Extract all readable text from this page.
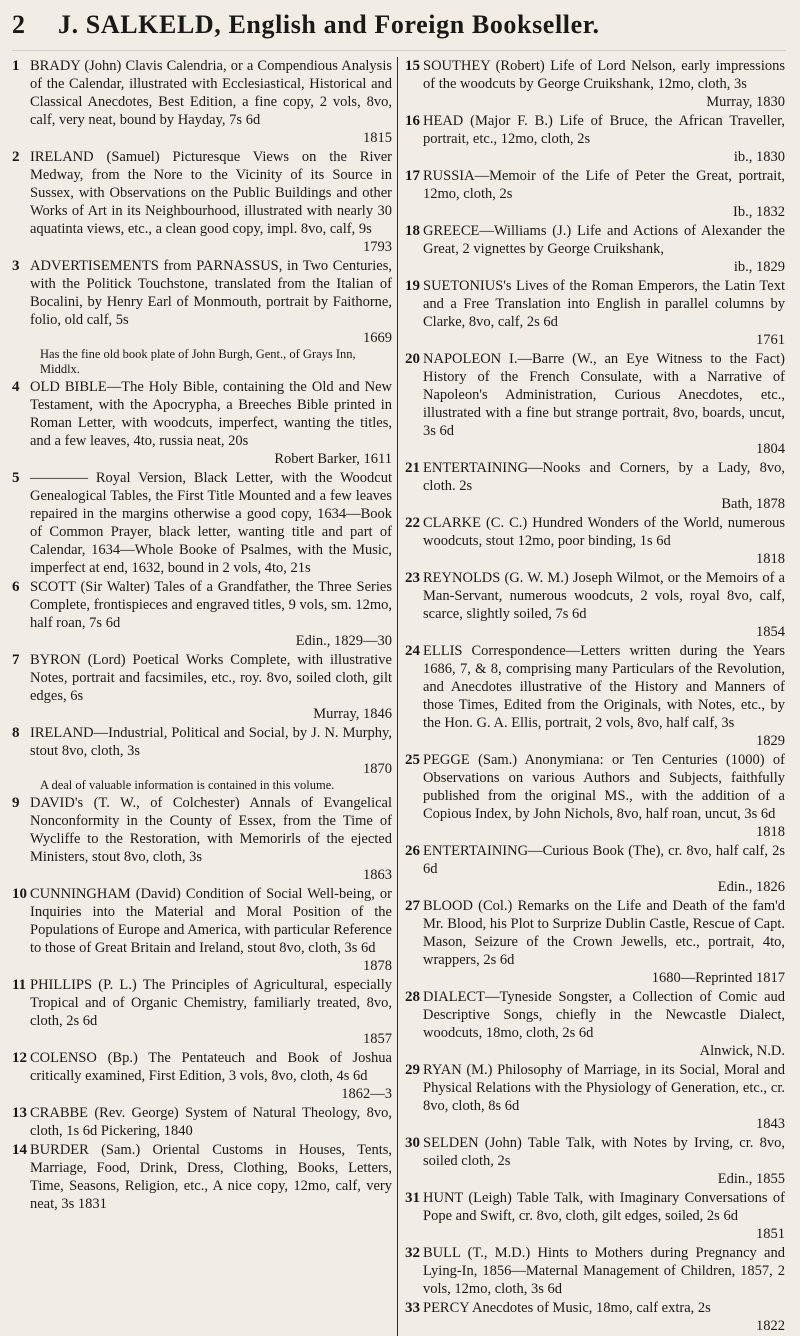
2	J. SALKELD, English and Foreign Bookseller.
1 BRADY (John) Clavis Calendria, or a Compendious Analysis of the Calendar, illustrated with Ecclesiastical, Historical and Classical Anecdotes, Best Edition, a fine copy, 2 vols, 8vo, calf, very neat, bound by Hayday, 7s 6d
1815
2 IRELAND (Samuel) Picturesque Views on the River Medway, from the Nore to the Vicinity of its Source in Sussex, with Observations on the Public Buildings and other Works of Art in its Neighbourhood, illustrated with nearly 30 aquatinta views, etc., a clean good copy, impl. 8vo, calf, 9s
1793
3 ADVERTISEMENTS from PARNASSUS, in Two Centuries, with the Politick Touchstone, translated from the Italian of Bocalini, by Henry Earl of Monmouth, portrait by Faithorne, folio, old calf, 5s
1669
Has the fine old book plate of John Burgh, Gent., of Grays Inn, Middlx.
4 OLD BIBLE—The Holy Bible, containing the Old and New Testament, with the Apocrypha, a Breeches Bible printed in Roman Letter, with woodcuts, imperfect, wanting the titles, and a few leaves, 4to, russia neat, 20s
Robert Barker, 1611
5 ———— Royal Version, Black Letter, with the Woodcut Genealogical Tables, the First Title Mounted and a few leaves repaired in the margins otherwise a good copy, 1634—Book of Common Prayer, black letter, wanting title and part of Calendar, 1634—Whole Booke of Psalmes, with the Music, imperfect at end, 1632, bound in 2 vols, 4to, 21s
6 SCOTT (Sir Walter) Tales of a Grandfather, the Three Series Complete, frontispieces and engraved titles, 9 vols, sm. 12mo, half roan, 7s 6d
Edin., 1829—30
7 BYRON (Lord) Poetical Works Complete, with illustrative Notes, portrait and facsimiles, etc., roy. 8vo, soiled cloth, gilt edges, 6s
Murray, 1846
8 IRELAND—Industrial, Political and Social, by J. N. Murphy, stout 8vo, cloth, 3s
1870
A deal of valuable information is contained in this volume.
9 DAVID's (T. W., of Colchester) Annals of Evangelical Nonconformity in the County of Essex, from the Time of Wycliffe to the Restoration, with Memorirls of the ejected Ministers, stout 8vo, cloth, 3s
1863
10 CUNNINGHAM (David) Condition of Social Well-being, or Inquiries into the Material and Moral Position of the Populations of Europe and America, with particular Reference to those of Great Britain and Ireland, stout 8vo, cloth, 3s 6d
1878
11 PHILLIPS (P. L.) The Principles of Agricultural, especially Tropical and of Organic Chemistry, familiarly treated, 8vo, cloth, 2s 6d
1857
12 COLENSO (Bp.) The Pentateuch and Book of Joshua critically examined, First Edition, 3 vols, 8vo, cloth, 4s 6d
1862—3
13 CRABBE (Rev. George) System of Natural Theology, 8vo, cloth, 1s 6d Pickering, 1840
14 BURDER (Sam.) Oriental Customs in Houses, Tents, Marriage, Food, Drink, Dress, Clothing, Books, Letters, Time, Seasons, Religion, etc., A nice copy, 12mo, calf, very neat, 3s 1831
15 SOUTHEY (Robert) Life of Lord Nelson, early impressions of the woodcuts by George Cruikshank, 12mo, cloth, 3s
Murray, 1830
16 HEAD (Major F. B.) Life of Bruce, the African Traveller, portrait, etc., 12mo, cloth, 2s
ib., 1830
17 RUSSIA—Memoir of the Life of Peter the Great, portrait, 12mo, cloth, 2s
Ib., 1832
18 GREECE—Williams (J.) Life and Actions of Alexander the Great, 2 vignettes by George Cruikshank,
ib., 1829
19 SUETONIUS's Lives of the Roman Emperors, the Latin Text and a Free Translation into English in parallel columns by Clarke, 8vo, calf, 2s 6d
1761
20 NAPOLEON I.—Barre (W., an Eye Witness to the Fact) History of the French Consulate, with a Narrative of Napoleon's Administration, Curious Anecdotes, etc., illustrated with a fine but strange portrait, 8vo, boards, uncut, 3s 6d
1804
21 ENTERTAINING—Nooks and Corners, by a Lady, 8vo, cloth. 2s
Bath, 1878
22 CLARKE (C. C.) Hundred Wonders of the World, numerous woodcuts, stout 12mo, poor binding, 1s 6d
1818
23 REYNOLDS (G. W. M.) Joseph Wilmot, or the Memoirs of a Man-Servant, numerous woodcuts, 2 vols, royal 8vo, calf, scarce, slightly soiled, 7s 6d
1854
24 ELLIS Correspondence—Letters written during the Years 1686, 7, & 8, comprising many Particulars of the Revolution, and Anecdotes illustrative of the History and Manners of those Times, Edited from the Originals, with Notes, etc., by the Hon. G. A. Ellis, portrait, 2 vols, 8vo, half calf, 3s
1829
25 PEGGE (Sam.) Anonymiana: or Ten Centuries (1000) of Observations on various Authors and Subjects, faithfully published from the original MS., with the addition of a Copious Index, by John Nichols, 8vo, half roan, uncut, 3s 6d
1818
26 ENTERTAINING—Curious Book (The), cr. 8vo, half calf, 2s 6d
Edin., 1826
27 BLOOD (Col.) Remarks on the Life and Death of the fam'd Mr. Blood, his Plot to Surprize Dublin Castle, Rescue of Capt. Mason, Seizure of the Crown Jewells, etc., portrait, 4to, wrappers, 2s 6d
1680—Reprinted 1817
28 DIALECT—Tyneside Songster, a Collection of Comic aud Descriptive Songs, chiefly in the Newcastle Dialect, woodcuts, 18mo, cloth, 2s 6d
Alnwick, N.D.
29 RYAN (M.) Philosophy of Marriage, in its Social, Moral and Physical Relations with the Physiology of Generation, etc., cr. 8vo, cloth, 8s 6d
1843
30 SELDEN (John) Table Talk, with Notes by Irving, cr. 8vo, soiled cloth, 2s
Edin., 1855
31 HUNT (Leigh) Table Talk, with Imaginary Conversations of Pope and Swift, cr. 8vo, cloth, gilt edges, soiled, 2s 6d
1851
32 BULL (T., M.D.) Hints to Mothers during Pregnancy and Lying-In, 1856—Maternal Management of Children, 1857, 2 vols, 12mo, cloth, 3s 6d
33 PERCY Anecdotes of Music, 18mo, calf extra, 2s
1822
